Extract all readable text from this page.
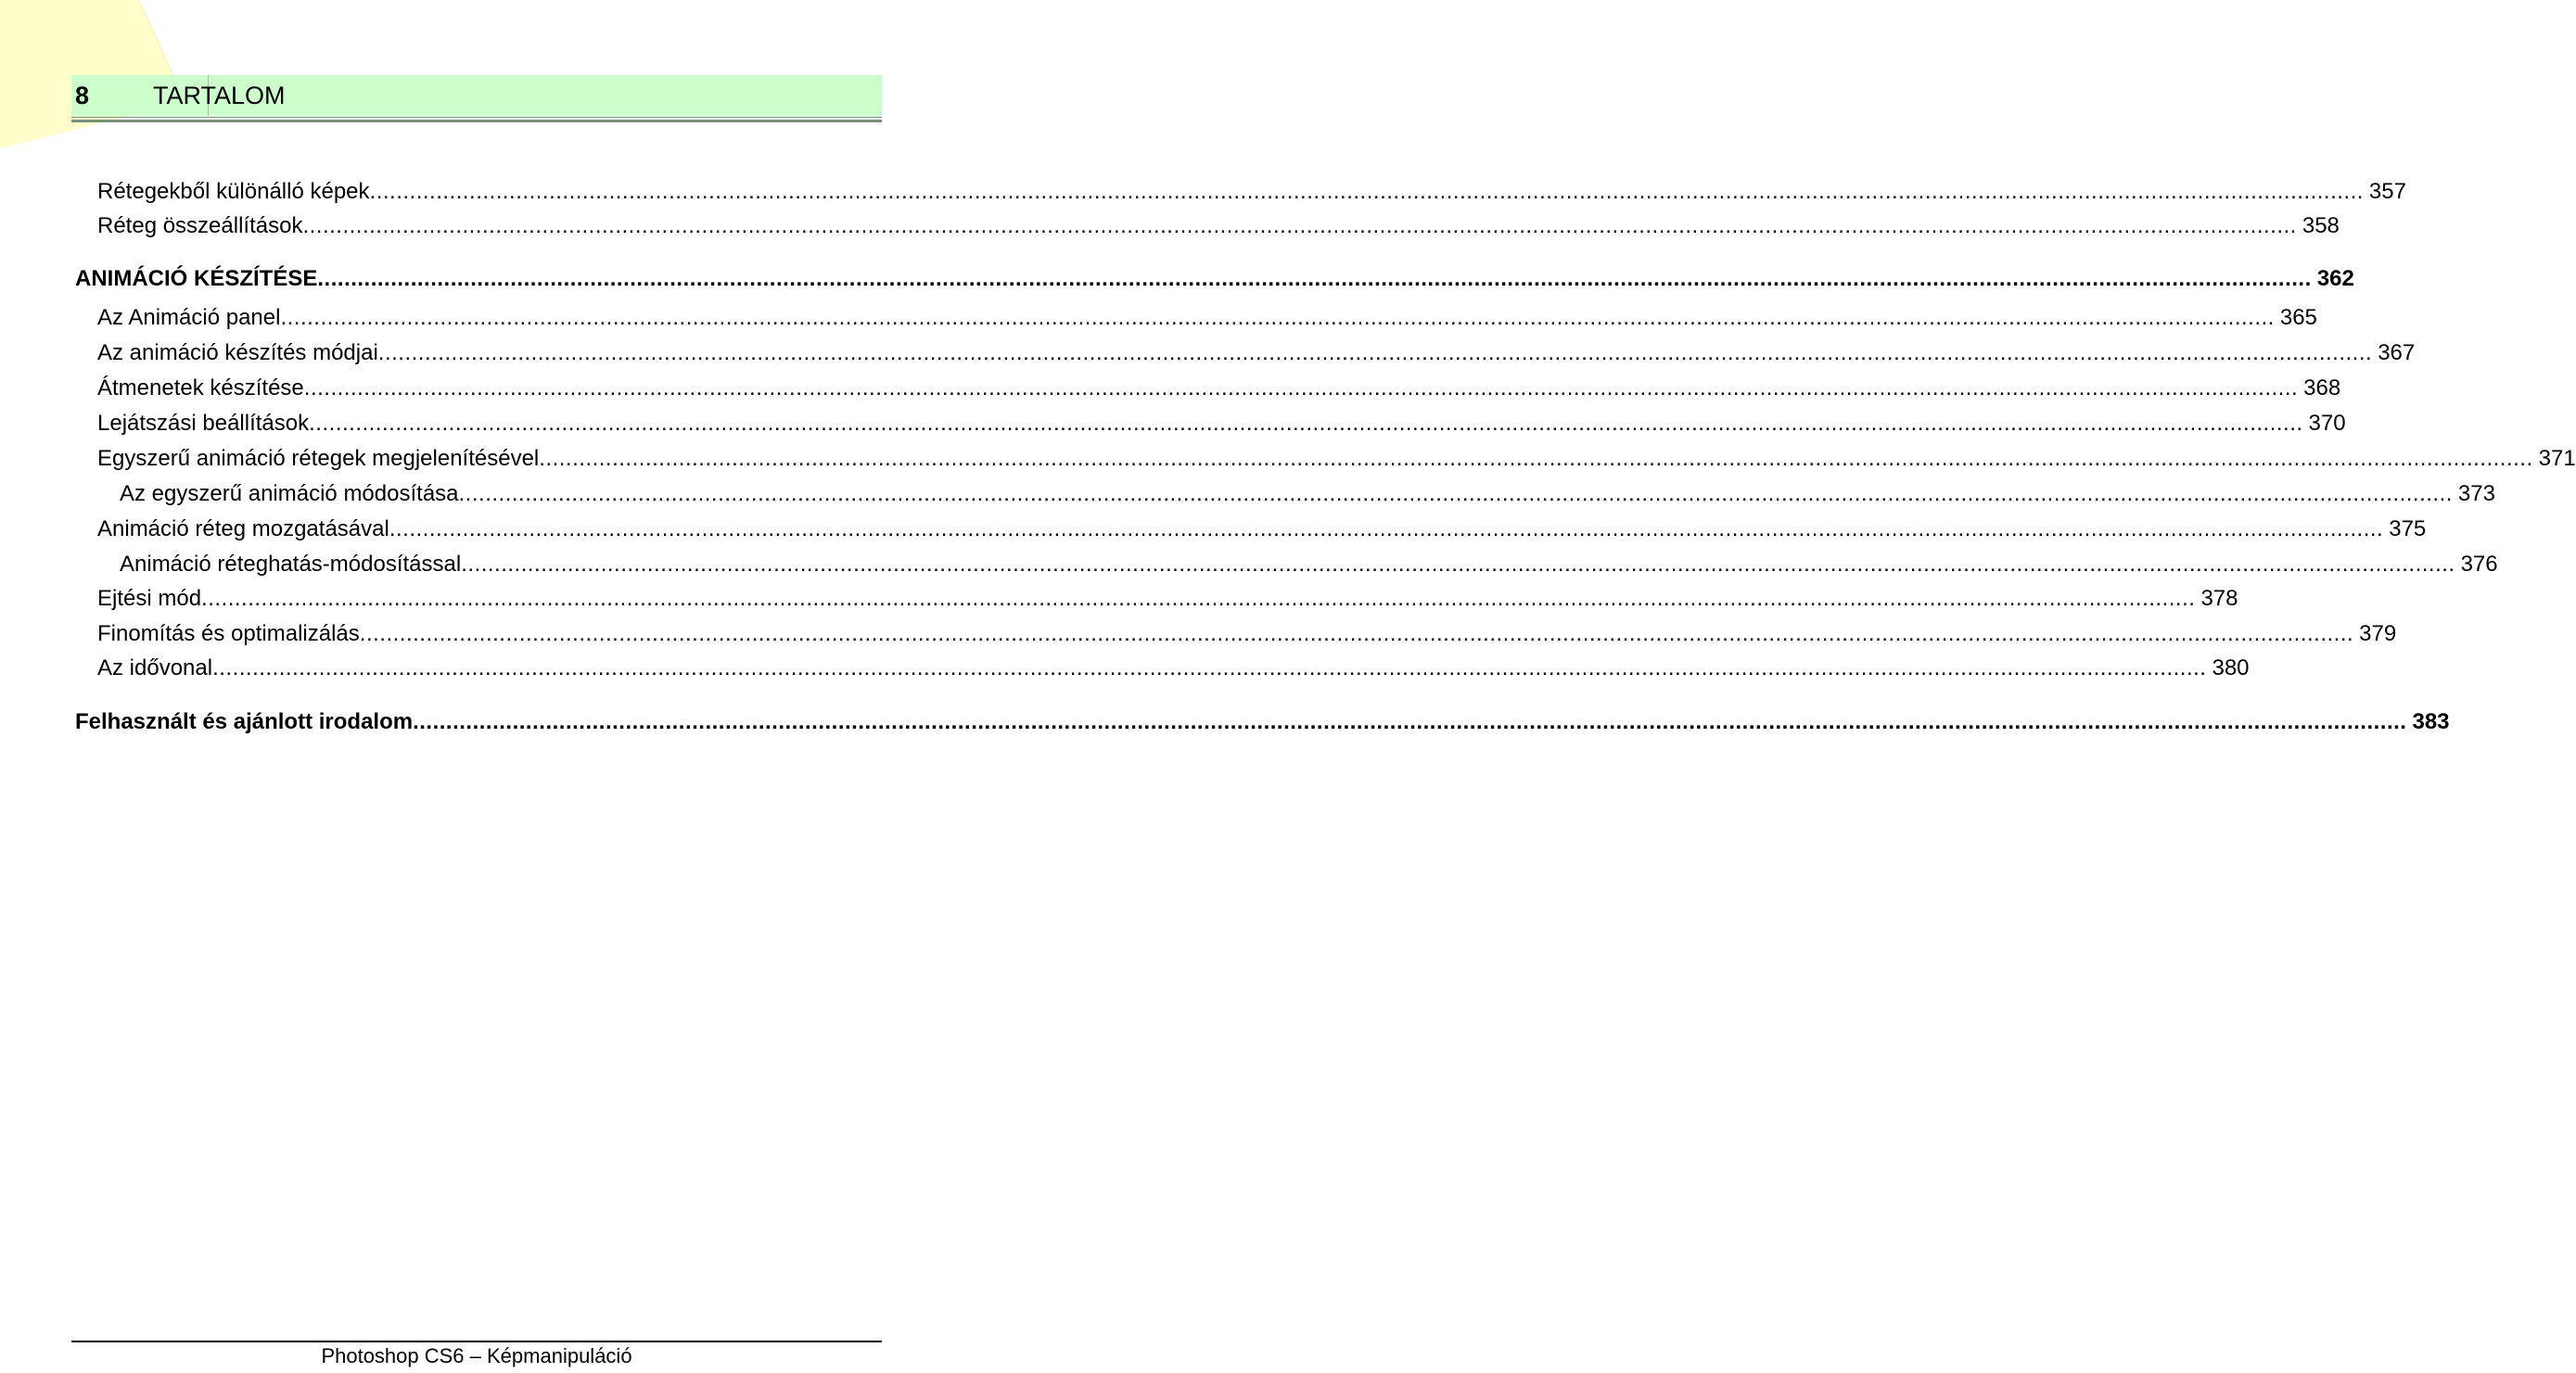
8	TARTALOM
Rétegekből különálló képek ............................................................................................................................................................................................................................................................................................................ 357
Réteg összeállítások ............................................................................................................................................................................................................................................................................................................ 358
ANIMÁCIÓ KÉSZÍTÉSE ............................................................................................................................................................................................................................................................................................................ 362
Az Animáció panel ............................................................................................................................................................................................................................................................................................................ 365
Az animáció készítés módjai ............................................................................................................................................................................................................................................................................................................ 367
Átmenetek készítése ............................................................................................................................................................................................................................................................................................................ 368
Lejátszási beállítások ............................................................................................................................................................................................................................................................................................................ 370
Egyszerű animáció rétegek megjelenítésével ............................................................................................................................................................................................................................................................................................................ 371
Az egyszerű animáció módosítása ............................................................................................................................................................................................................................................................................................................ 373
Animáció réteg mozgatásával ............................................................................................................................................................................................................................................................................................................ 375
Animáció réteghatás-módosítással ............................................................................................................................................................................................................................................................................................................ 376
Ejtési mód ............................................................................................................................................................................................................................................................................................................ 378
Finomítás és optimalizálás ............................................................................................................................................................................................................................................................................................................ 379
Az idővonal ............................................................................................................................................................................................................................................................................................................ 380
Felhasznált és ajánlott irodalom ............................................................................................................................................................................................................................................................................................................ 383
Photoshop CS6 – Képmanipuláció
